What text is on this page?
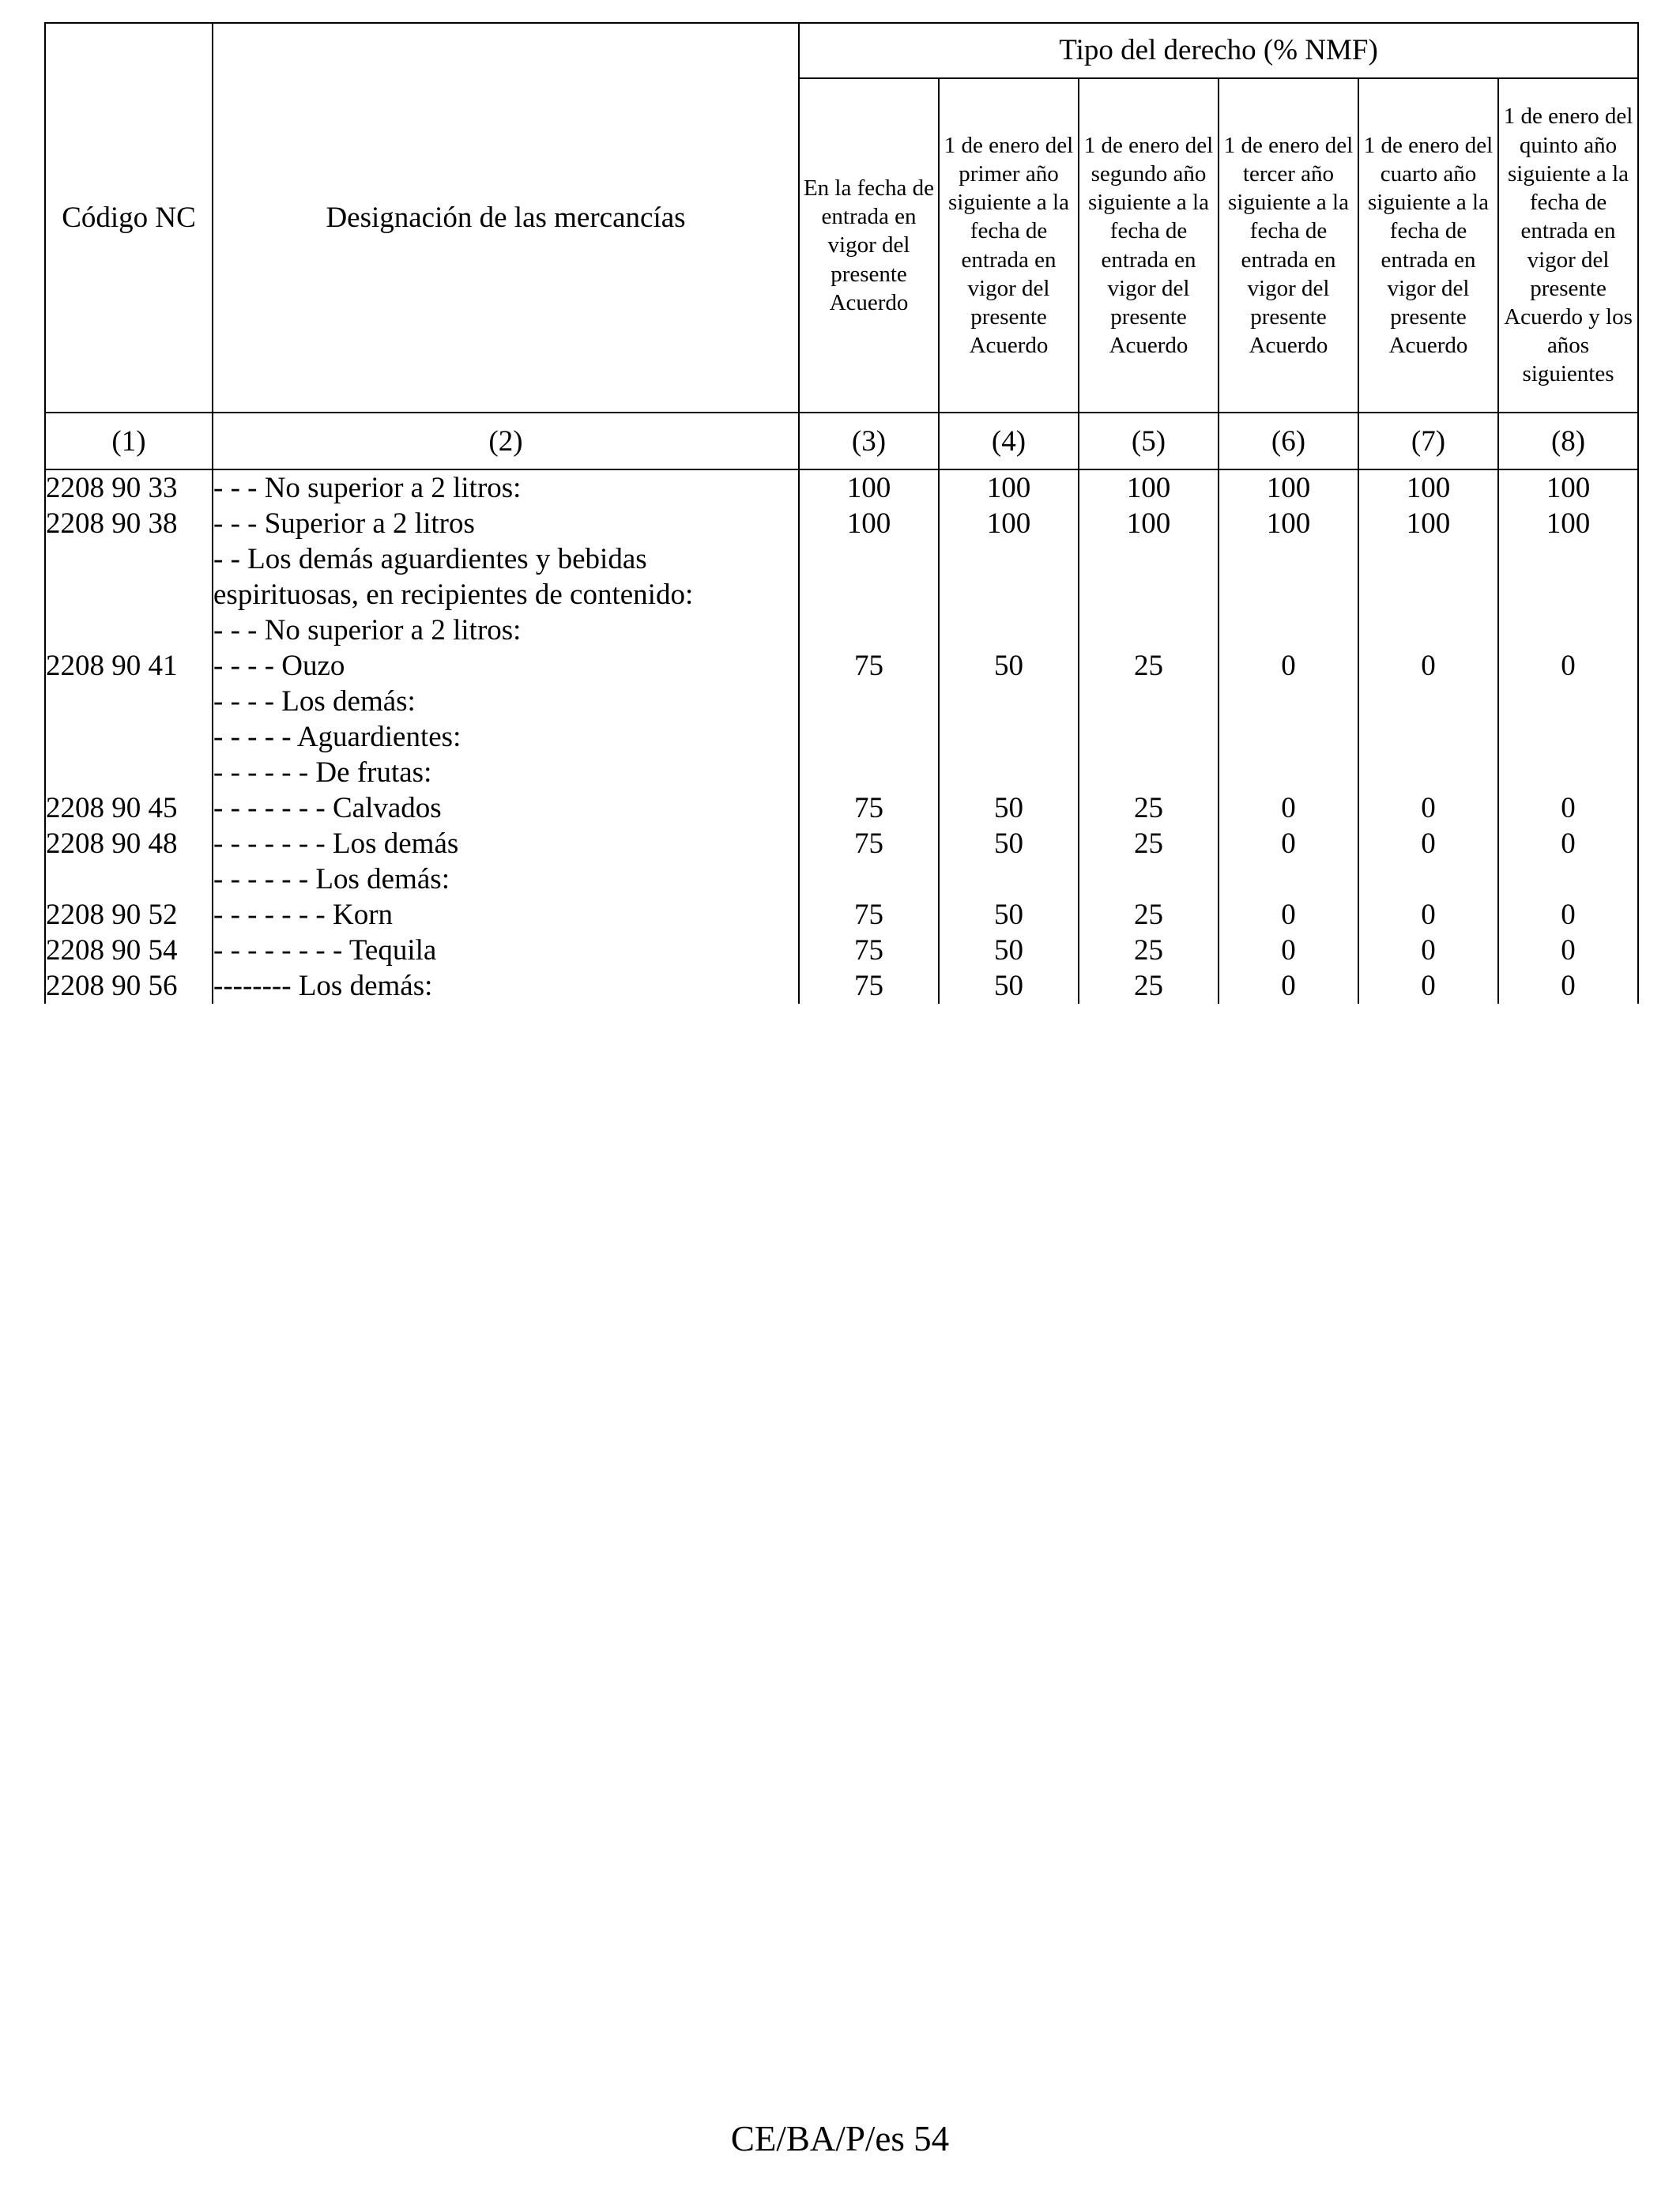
Código NC	Designación de las mercancías	Tipo del derecho (% NMF)					
		En la fecha de entrada en vigor del presente Acuerdo	1 de enero del primer año siguiente a la fecha de entrada en vigor del presente Acuerdo	1 de enero del segundo año siguiente a la fecha de entrada en vigor del presente Acuerdo	1 de enero del tercer año siguiente a la fecha de entrada en vigor del presente Acuerdo	1 de enero del cuarto año siguiente a la fecha de entrada en vigor del presente Acuerdo	1 de enero del quinto año siguiente a la fecha de entrada en vigor del presente Acuerdo y los años siguientes
(1)	(2)	(3)	(4)	(5)	(6)	(7)	(8)
2208 90 33	- - - No superior a 2 litros:	100	100	100	100	100	100
2208 90 38	- - - Superior a 2 litros	100	100	100	100	100	100
	- - Los demás aguardientes y bebidas espirituosas, en recipientes de contenido:						
	- - - No superior a 2 litros:						
2208 90 41	- - - - Ouzo	75	50	25	0	0	0
	- - - - Los demás:						
	- - - - - Aguardientes:						
	- - - - - - De frutas:						
2208 90 45	- - - - - - - Calvados	75	50	25	0	0	0
2208 90 48	- - - - - - - Los demás	75	50	25	0	0	0
	- - - - - - Los demás:						
2208 90 52	- - - - - - - Korn	75	50	25	0	0	0
2208 90 54	- - - - - - - - Tequila	75	50	25	0	0	0
2208 90 56	-------- Los demás:	75	50	25	0	0	0
CE/BA/P/es 54
